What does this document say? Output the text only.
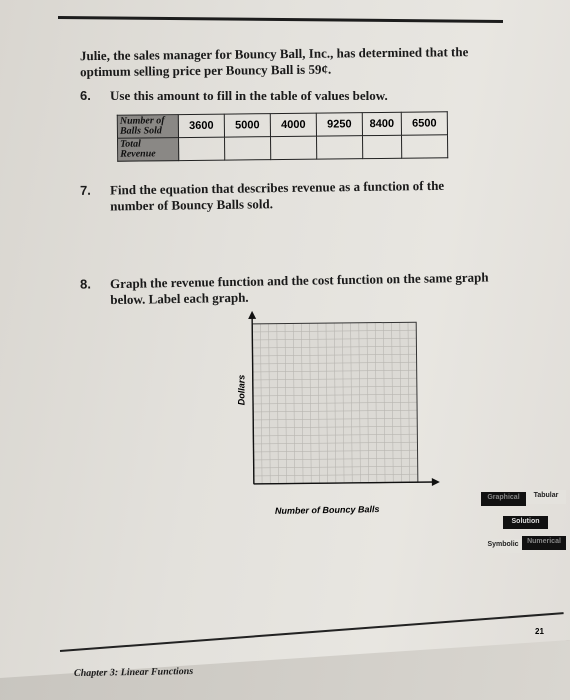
Julie, the sales manager for Bouncy Ball, Inc., has determined that the optimum selling price per Bouncy Ball is 59¢.
6. Use this amount to fill in the table of values below.
Number of Balls Sold	3600	5000	4000	9250	8400	6500
Total Revenue						
7. Find the equation that describes revenue as a function of the number of Bouncy Balls sold.
8. Graph the revenue function and the cost function on the same graph below. Label each graph.
Dollars
Number of Bouncy Balls
Graphical	Tabular
Solution
Symbolic	Numerical
21
Chapter 3: Linear Functions
